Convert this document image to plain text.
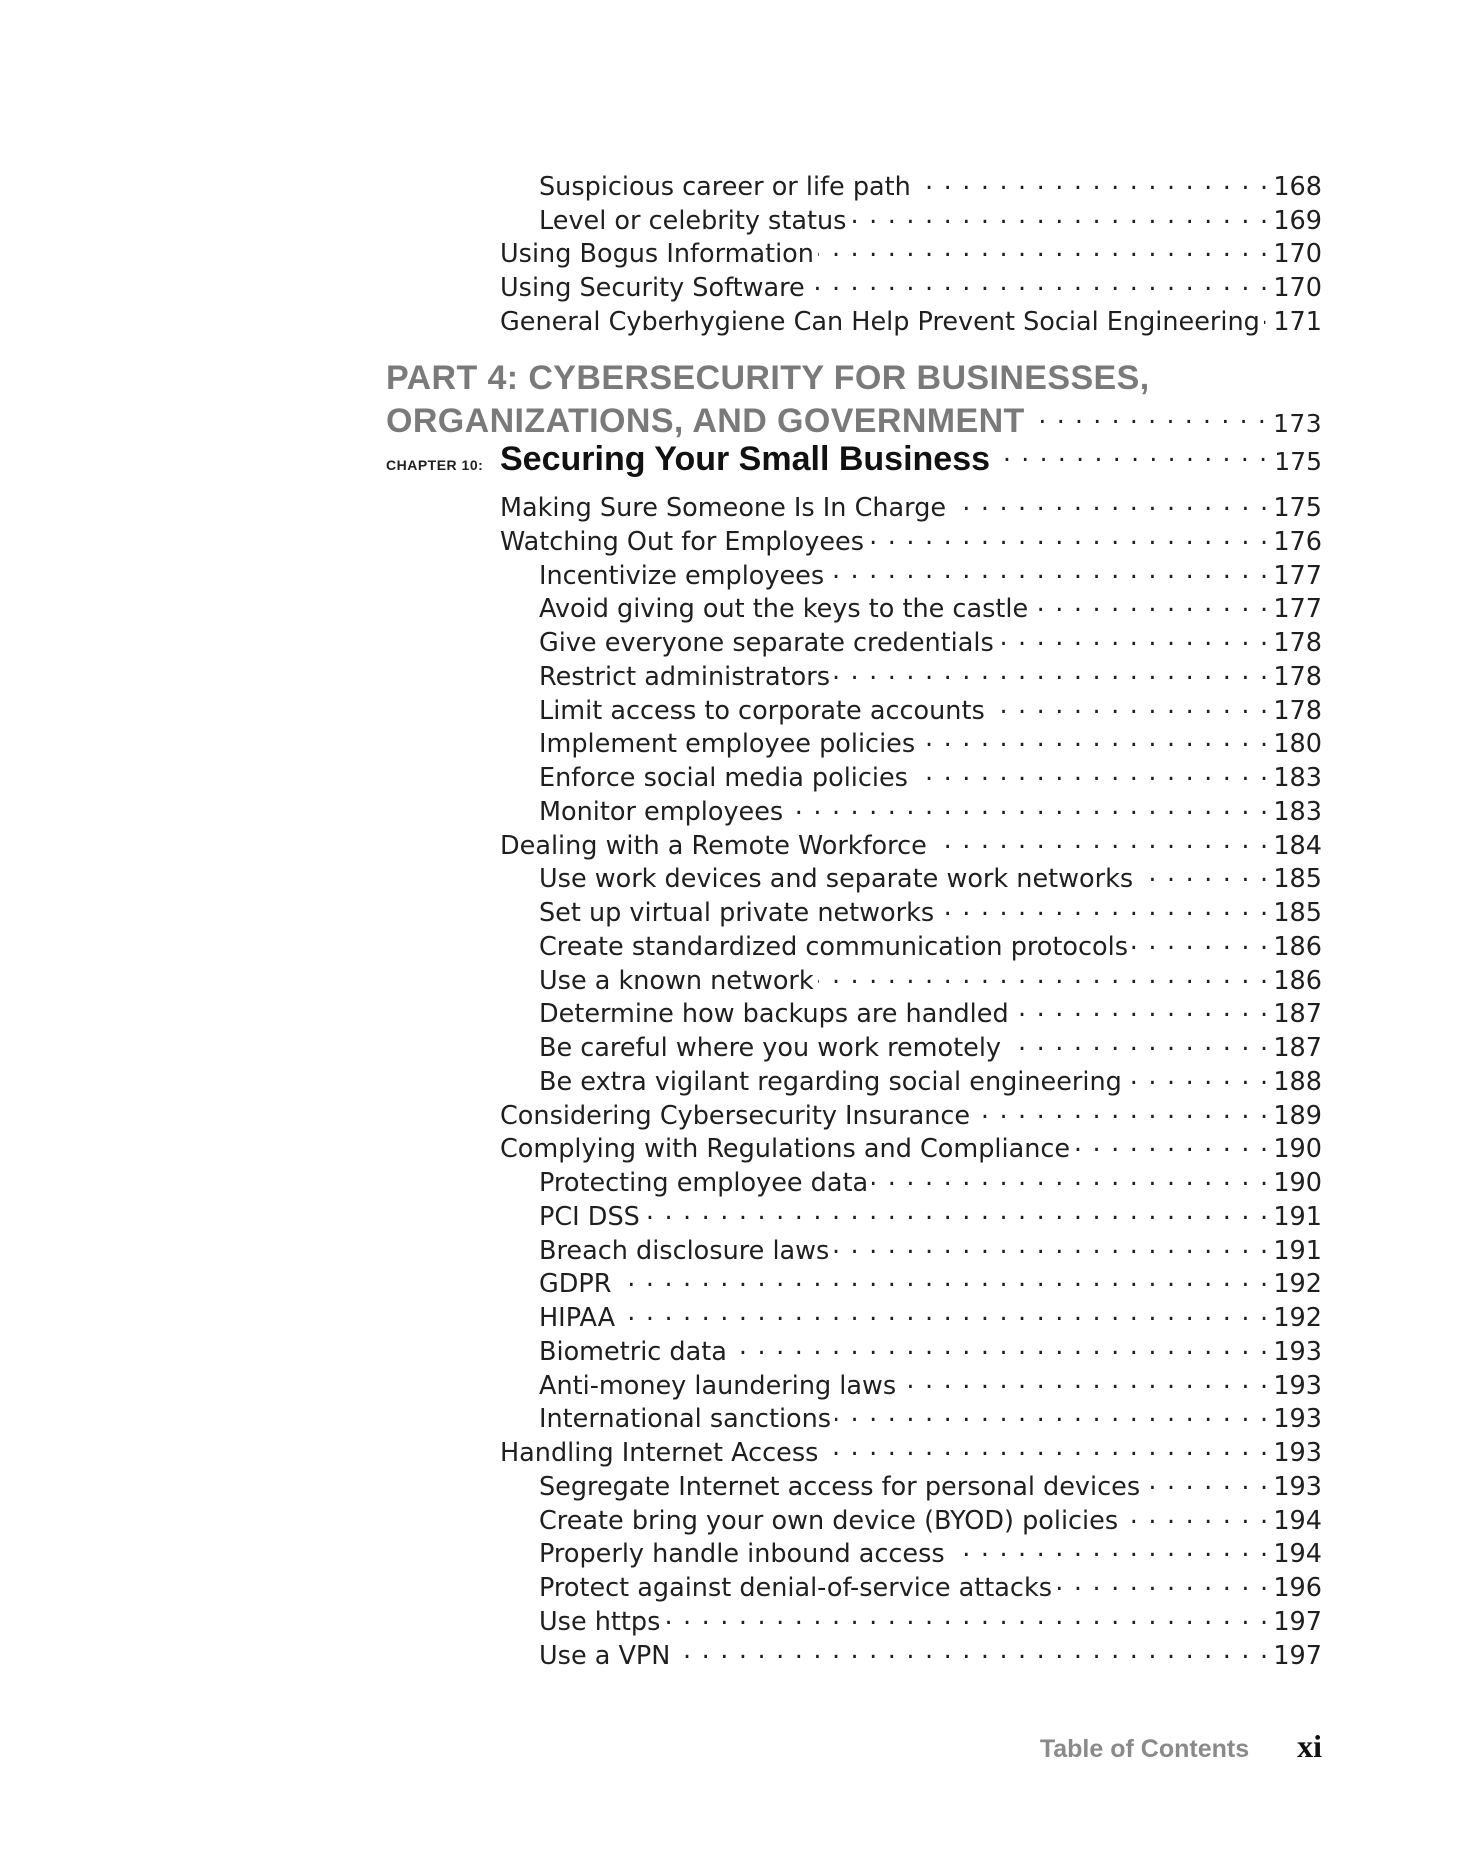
Suspicious career or life path . . .	168
Level or celebrity status . . .	169
Using Bogus Information . . .	170
Using Security Software . . .	170
General Cyberhygiene Can Help Prevent Social Engineering . . . 171
PART 4: CYBERSECURITY FOR BUSINESSES,
ORGANIZATIONS, AND GOVERNMENT . . .	173
CHAPTER 10: Securing Your Small Business . . .	175
Making Sure Someone Is In Charge . . .	175
Watching Out for Employees . . .	176
Incentivize employees . . .	177
Avoid giving out the keys to the castle . . .	177
Give everyone separate credentials . . .	178
Restrict administrators . . .	178
Limit access to corporate accounts . . .	178
Implement employee policies . . .	180
Enforce social media policies . . .	183
Monitor employees . . .	183
Dealing with a Remote Workforce . . .	184
Use work devices and separate work networks . . .	185
Set up virtual private networks . . .	185
Create standardized communication protocols . . .	186
Use a known network . . .	186
Determine how backups are handled . . .	187
Be careful where you work remotely . . .	187
Be extra vigilant regarding social engineering . . .	188
Considering Cybersecurity Insurance . . .	189
Complying with Regulations and Compliance . . .	190
Protecting employee data . . .	190
PCI DSS . . .	191
Breach disclosure laws . . .	191
GDPR . . .	192
HIPAA . . .	192
Biometric data . . .	193
Anti-money laundering laws . . .	193
International sanctions . . .	193
Handling Internet Access . . .	193
Segregate Internet access for personal devices . . .	193
Create bring your own device (BYOD) policies . . .	194
Properly handle inbound access . . .	194
Protect against denial-of-service attacks . . .	196
Use https . . .	197
Use a VPN . . .	197
Table of Contents xi
